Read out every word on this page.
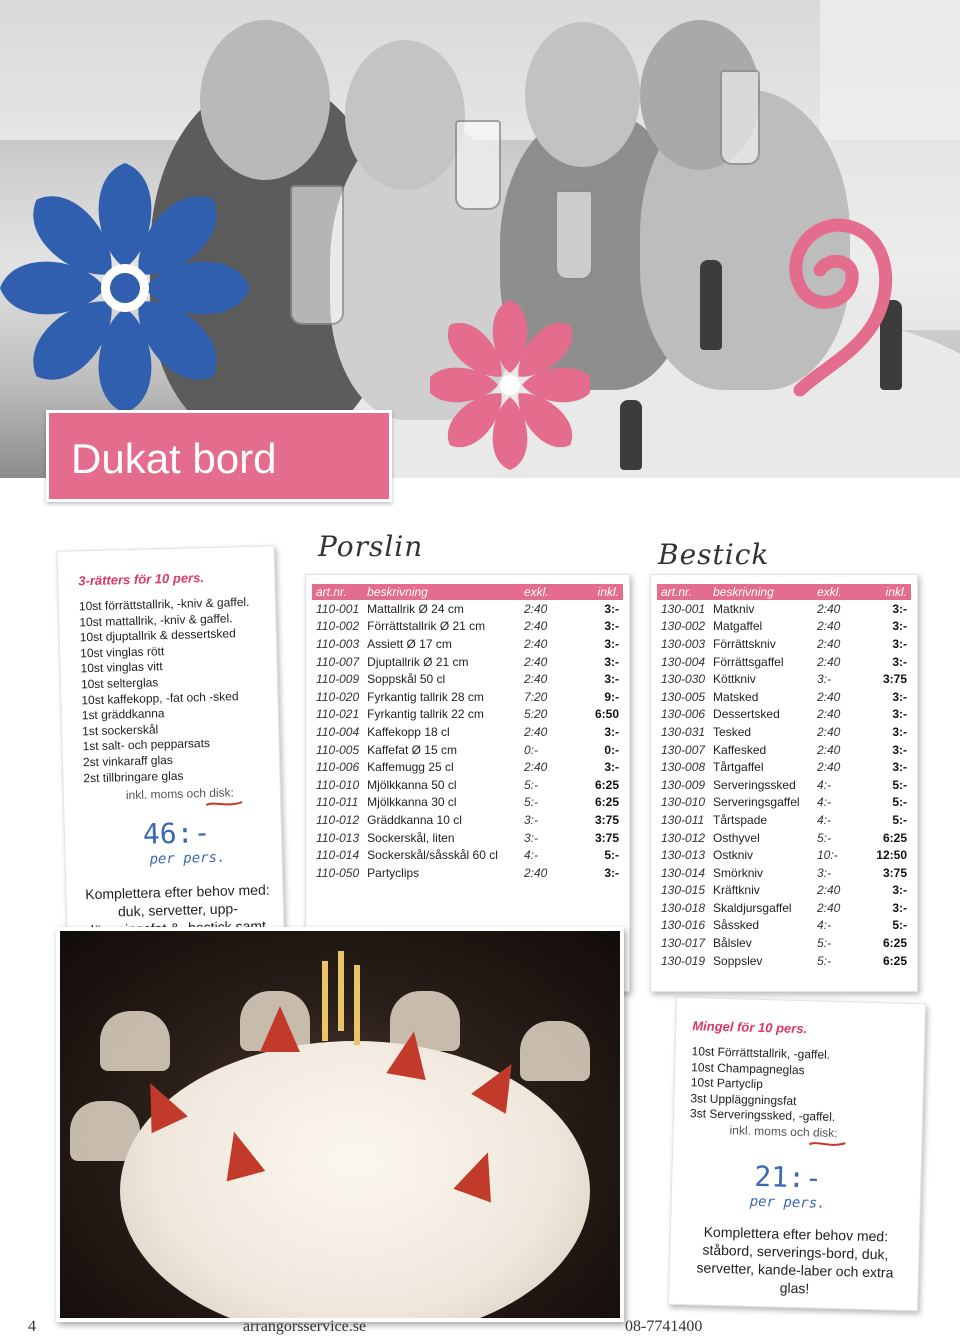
Dukat bord
3-rätters för 10 pers.
10st förrättstallrik, -kniv & gaffel.
10st mattallrik, -kniv & gaffel.
10st djuptallrik & dessertsked
10st vinglas rött
10st vinglas vitt
10st selterglas
10st kaffekopp, -fat och -sked
1st gräddkanna
1st sockerskål
1st salt- och pepparsats
2st vinkaraff glas
2st tillbringare glas
inkl. moms och disk:
46:-
per pers.
Komplettera efter behov med: duk, servetter, upp-läggningsfat samt
Porslin
art.nr.	beskrivning	exkl.	inkl.
110-001	Mattallrik Ø 24 cm	2:40	3:-
110-002	Förrättstallrik Ø 21 cm	2:40	3:-
110-003	Assiett Ø 17 cm	2:40	3:-
110-007	Djuptallrik Ø 21 cm	2:40	3:-
110-009	Soppskål 50 cl	2:40	3:-
110-020	Fyrkantig tallrik 28 cm	7:20	9:-
110-021	Fyrkantig tallrik 22 cm	5:20	6:50
110-004	Kaffekopp 18 cl	2:40	3:-
110-005	Kaffefat Ø 15 cm	0:-	0:-
110-006	Kaffemugg 25 cl	2:40	3:-
110-010	Mjölkkanna 50 cl	5:-	6:25
110-011	Mjölkkanna 30 cl	5:-	6:25
110-012	Gräddkanna 10 cl	3:-	3:75
110-013	Sockerskål, liten	3:-	3:75
110-014	Sockerskål/såsskål 60 cl	4:-	5:-
110-050	Partyclips	2:40	3:-
Bestick
art.nr.	beskrivning	exkl.	inkl.
130-001	Matkniv	2:40	3:-
130-002	Matgaffel	2:40	3:-
130-003	Förrättskniv	2:40	3:-
130-004	Förrättsgaffel	2:40	3:-
130-030	Köttkniv	3:-	3:75
130-005	Matsked	2:40	3:-
130-006	Dessertsked	2:40	3:-
130-031	Tesked	2:40	3:-
130-007	Kaffesked	2:40	3:-
130-008	Tårtgaffel	2:40	3:-
130-009	Serveringssked	4:-	5:-
130-010	Serveringsgaffel	4:-	5:-
130-011	Tårtspade	4:-	5:-
130-012	Osthyvel	5:-	6:25
130-013	Ostkniv	10:-	12:50
130-014	Smörkniv	3:-	3:75
130-015	Kräftkniv	2:40	3:-
130-018	Skaldjursgaffel	2:40	3:-
130-016	Såssked	4:-	5:-
130-017	Bålslev	5:-	6:25
130-019	Soppslev	5:-	6:25
Mingel för 10 pers.
10st Förrättstallrik, -gaffel.
10st Champagneglas
10st Partyclip
3st Uppläggningsfat
3st Serveringssked, -gaffel.
inkl. moms och disk:
21:-
per pers.
Komplettera efter behov med: ståbord, serverings-bord, duk, servetter, kande-laber och extra glas!
4	arrangorsservice.se	08-7741400
